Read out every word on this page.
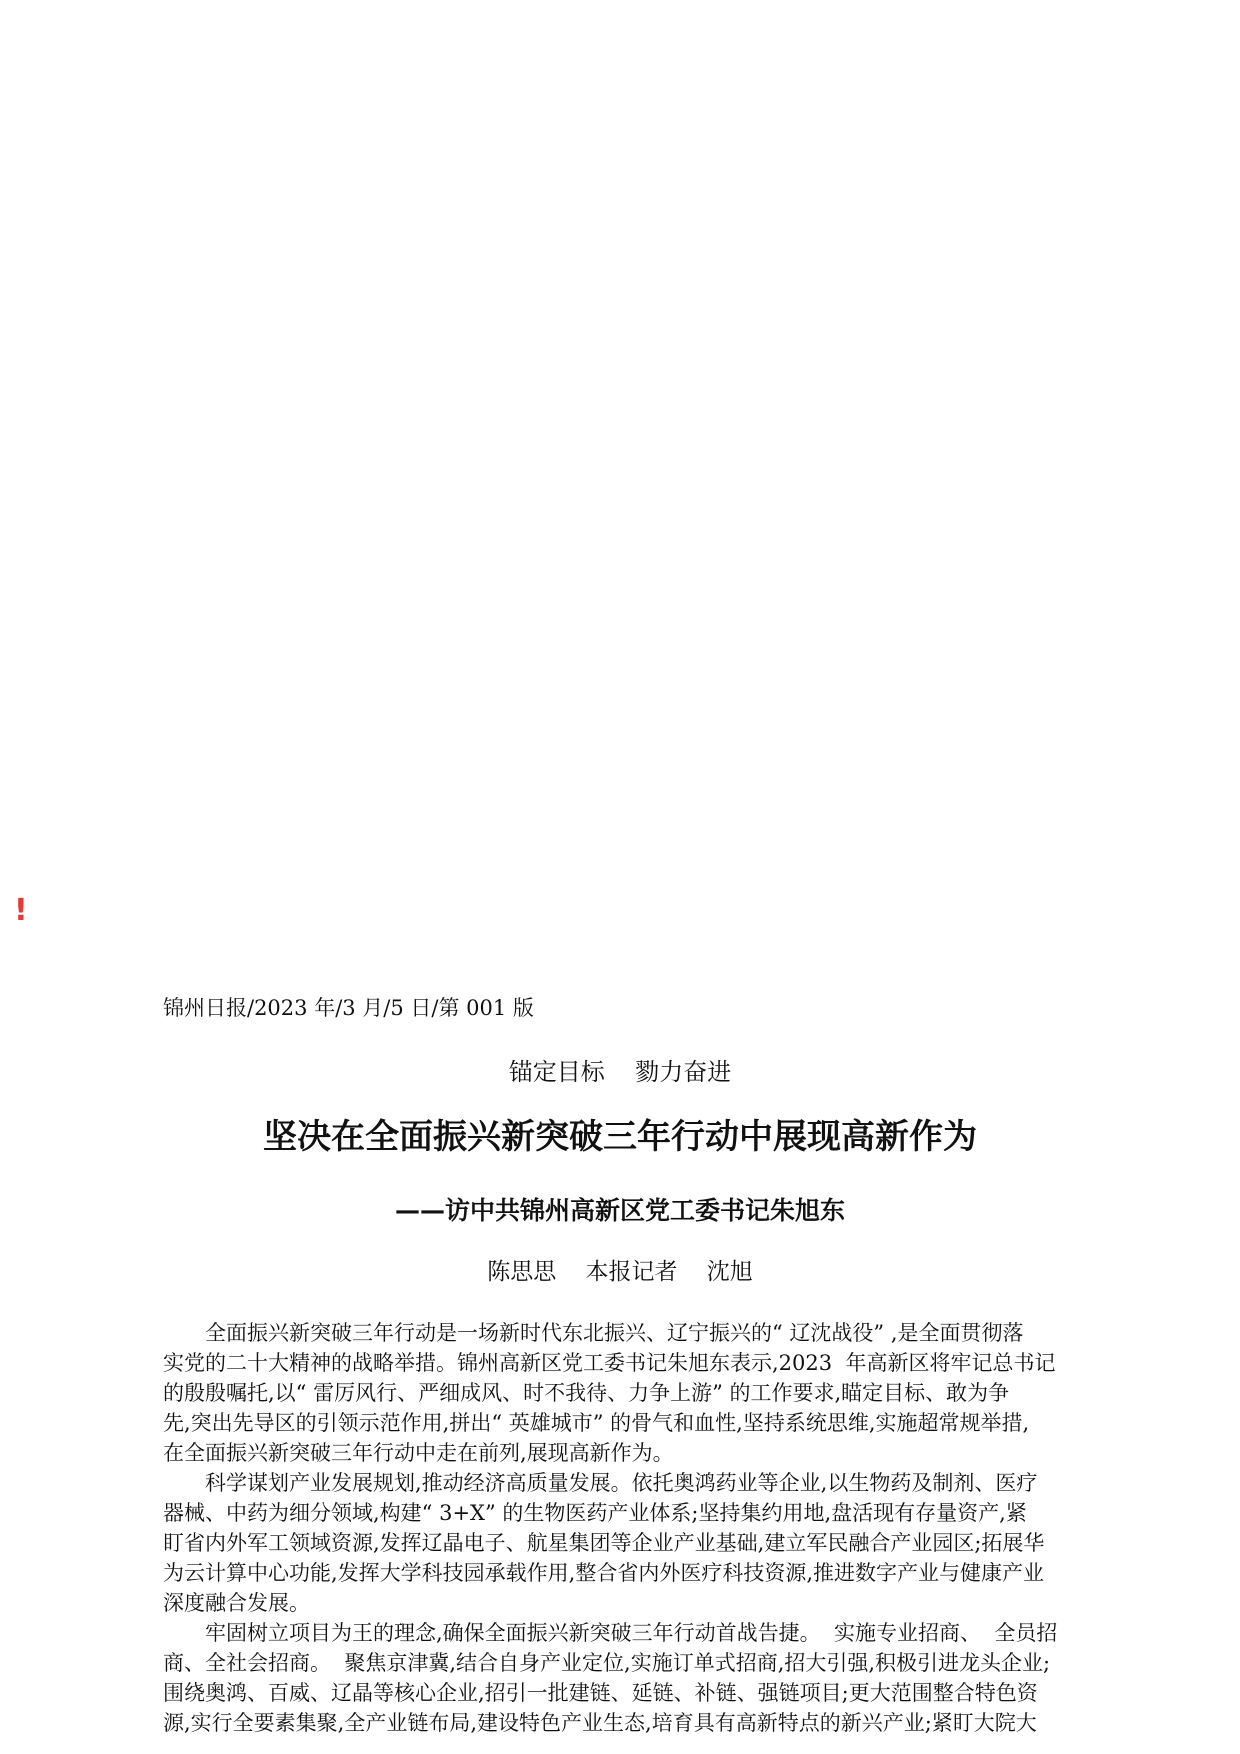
!
锦州日报/2023 年/3 月/5 日/第 001 版
锚定目标    勠力奋进
坚决在全面振兴新突破三年行动中展现高新作为
——访中共锦州高新区党工委书记朱旭东
陈思思    本报记者    沈旭
全面振兴新突破三年行动是一场新时代东北振兴、辽宁振兴的“ 辽沈战役” ,是全面贯彻落
实党的二十大精神的战略举措。锦州高新区党工委书记朱旭东表示,2023  年高新区将牢记总书记
的殷殷嘱托,以“ 雷厉风行、严细成风、时不我待、力争上游” 的工作要求,瞄定目标、敢为争
先,突出先导区的引领示范作用,拼出“ 英雄城市” 的骨气和血性,坚持系统思维,实施超常规举措,
在全面振兴新突破三年行动中走在前列,展现高新作为。
科学谋划产业发展规划,推动经济高质量发展。依托奥鸿药业等企业,以生物药及制剂、医疗
器械、中药为细分领域,构建“ 3+X” 的生物医药产业体系;坚持集约用地,盘活现有存量资产,紧
盯省内外军工领域资源,发挥辽晶电子、航星集团等企业产业基础,建立军民融合产业园区;拓展华
为云计算中心功能,发挥大学科技园承载作用,整合省内外医疗科技资源,推进数字产业与健康产业
深度融合发展。
牢固树立项目为王的理念,确保全面振兴新突破三年行动首战告捷。  实施专业招商、  全员招
商、全社会招商。  聚焦京津冀,结合自身产业定位,实施订单式招商,招大引强,积极引进龙头企业;
围绕奥鸿、百威、辽晶等核心企业,招引一批建链、延链、补链、强链项目;更大范围整合特色资
源,实行全要素集聚,全产业链布局,建设特色产业生态,培育具有高新特点的新兴产业;紧盯大院大
